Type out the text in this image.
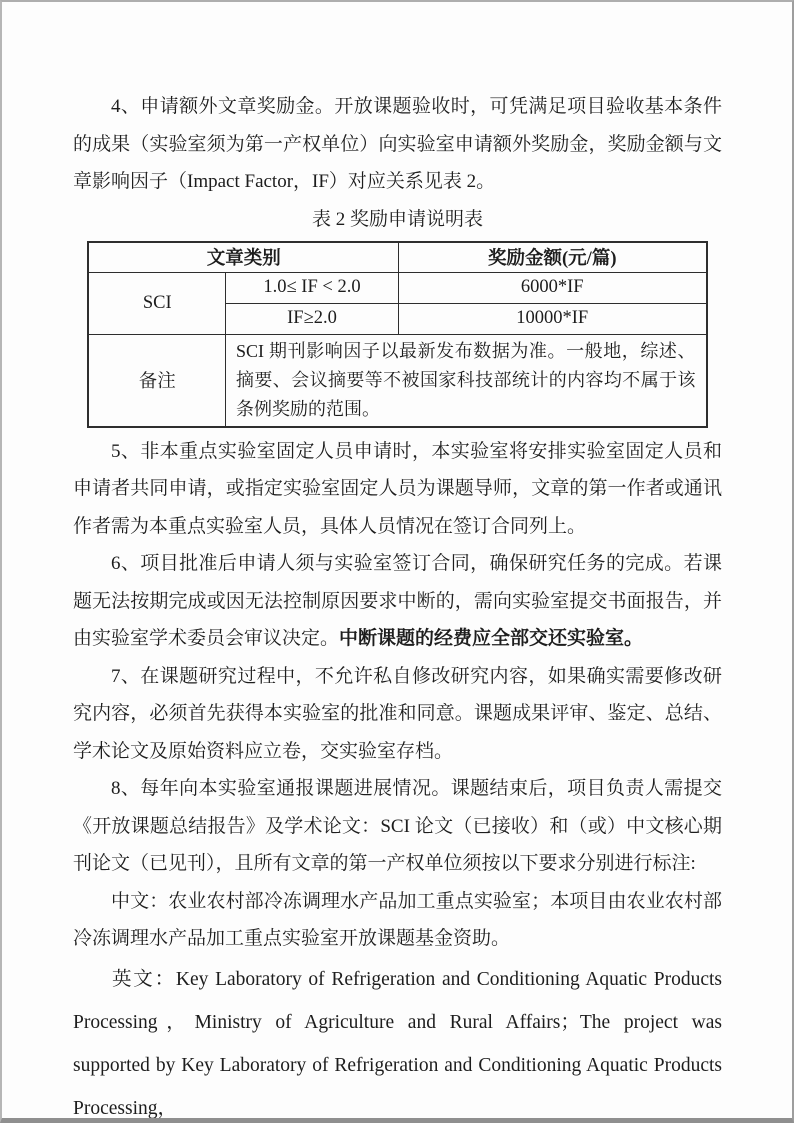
4、申请额外文章奖励金。开放课题验收时，可凭满足项目验收基本条件的成果（实验室须为第一产权单位）向实验室申请额外奖励金，奖励金额与文章影响因子（Impact Factor，IF）对应关系见表 2。

表 2 奖励申请说明表

文章类别		奖励金额(元/篇)
SCI	1.0≤ IF < 2.0	6000*IF
	IF≥2.0	10000*IF
备注	SCI 期刊影响因子以最新发布数据为准。一般地，综述、摘要、会议摘要等不被国家科技部统计的内容均不属于该条例奖励的范围。	

5、非本重点实验室固定人员申请时，本实验室将安排实验室固定人员和申请者共同申请，或指定实验室固定人员为课题导师，文章的第一作者或通讯作者需为本重点实验室人员，具体人员情况在签订合同列上。

6、项目批准后申请人须与实验室签订合同，确保研究任务的完成。若课题无法按期完成或因无法控制原因要求中断的，需向实验室提交书面报告，并由实验室学术委员会审议决定。中断课题的经费应全部交还实验室。

7、在课题研究过程中，不允许私自修改研究内容，如果确实需要修改研究内容，必须首先获得本实验室的批准和同意。课题成果评审、鉴定、总结、学术论文及原始资料应立卷，交实验室存档。

8、每年向本实验室通报课题进展情况。课题结束后，项目负责人需提交《开放课题总结报告》及学术论文：SCI 论文（已接收）和（或）中文核心期刊论文（已见刊），且所有文章的第一产权单位须按以下要求分别进行标注:

中文：农业农村部冷冻调理水产品加工重点实验室；本项目由农业农村部冷冻调理水产品加工重点实验室开放课题基金资助。

英文：Key Laboratory of Refrigeration and Conditioning Aquatic Products Processing，Ministry of Agriculture and Rural Affairs；The project was supported by Key Laboratory of Refrigeration and Conditioning Aquatic Products Processing，
